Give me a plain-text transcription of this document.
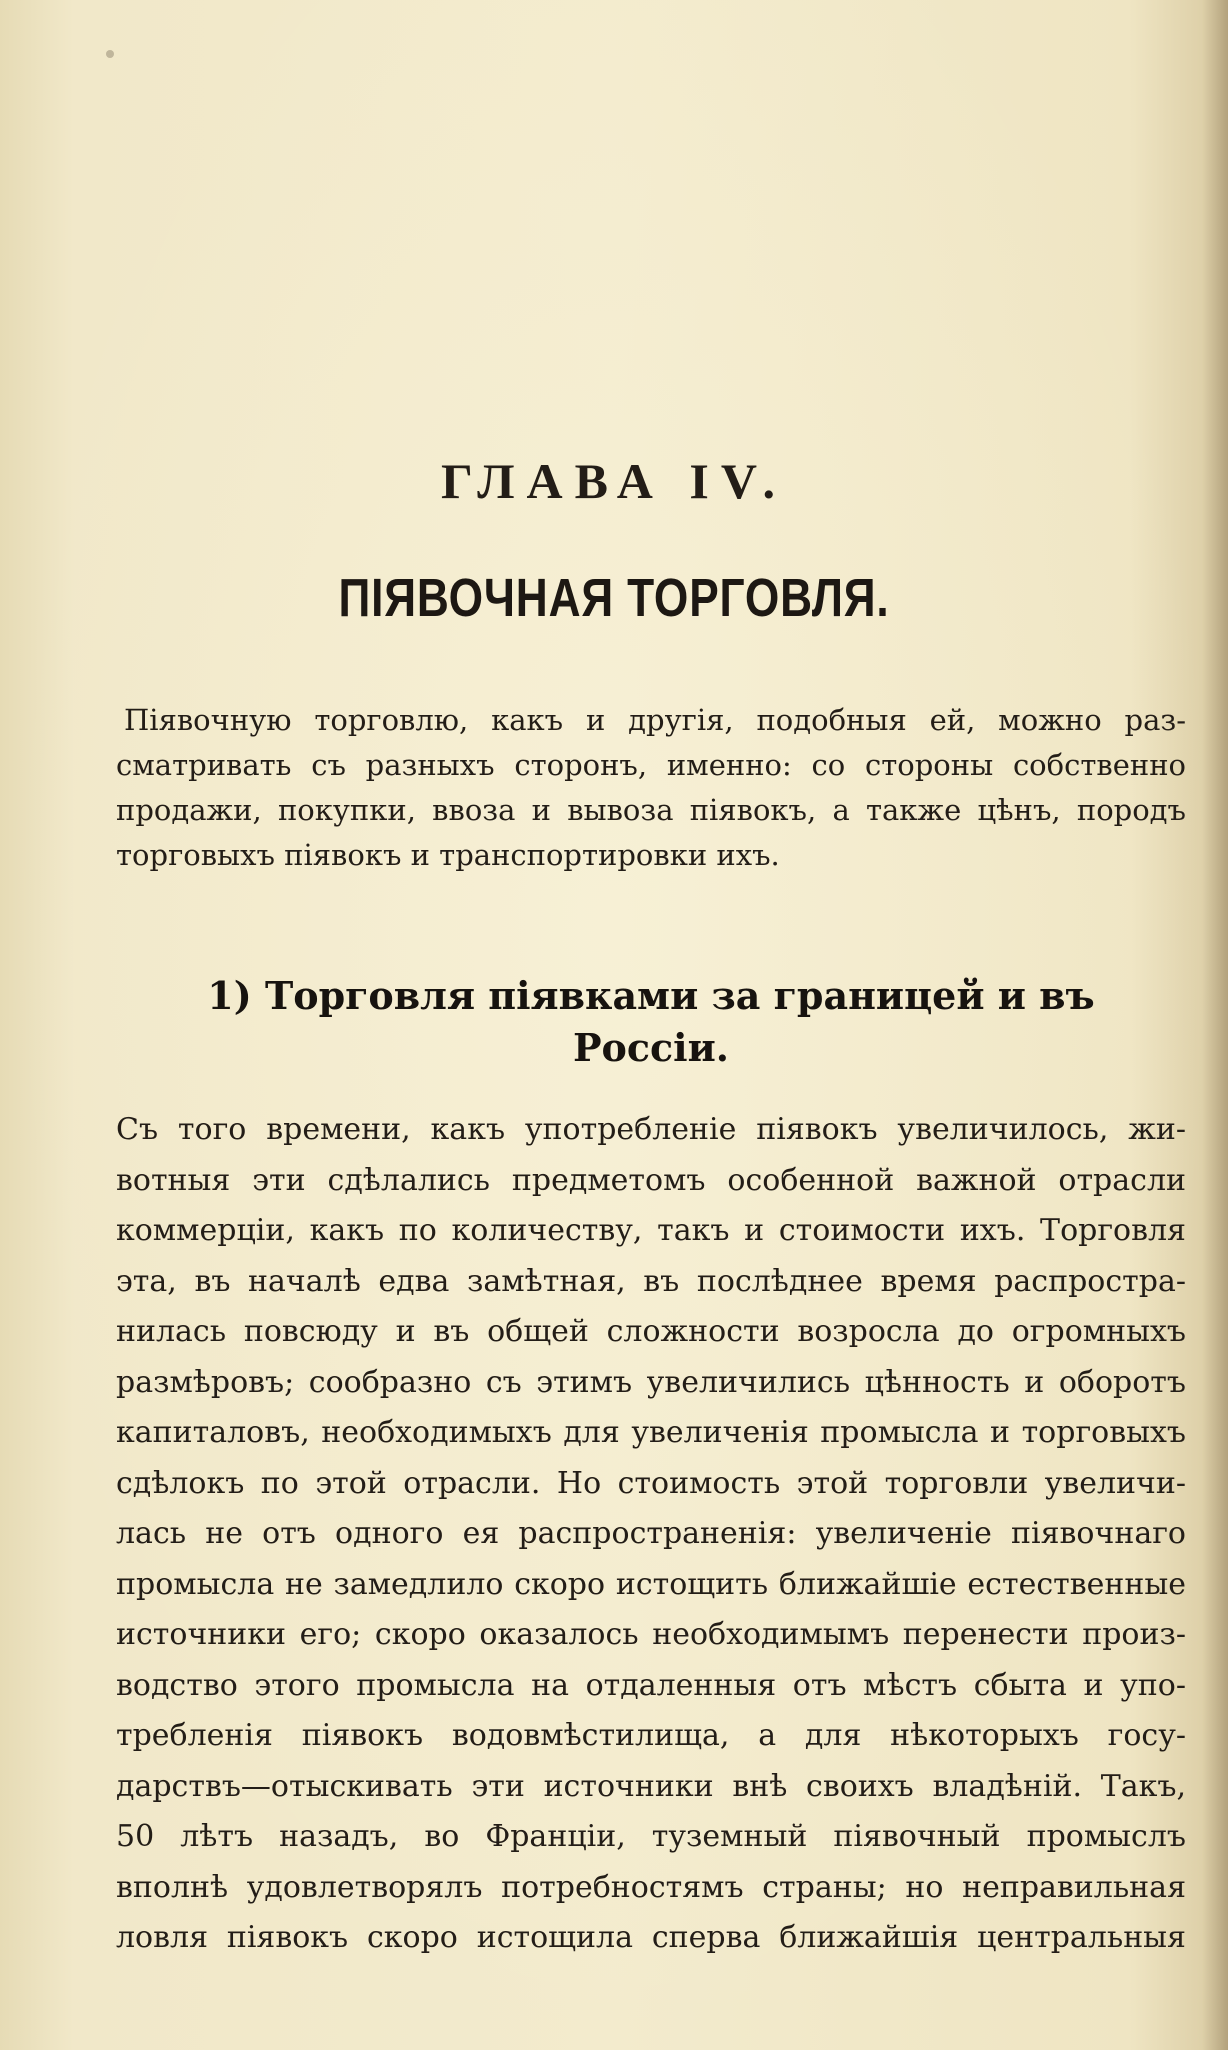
ГЛАВА IV.
ПІЯВОЧНАЯ ТОРГОВЛЯ.
Піявочную торговлю, какъ и другія, подобныя ей, можно раз-
сматривать съ разныхъ сторонъ, именно: со стороны собственно
продажи, покупки, ввоза и вывоза піявокъ, а также цѣнъ, породъ
торговыхъ піявокъ и транспортировки ихъ.
1) Торговля піявками за границей и въ
Россіи.
Съ того времени, какъ употребленіе піявокъ увеличилось, жи-
вотныя эти сдѣлались предметомъ особенной важной отрасли
коммерціи, какъ по количеству, такъ и стоимости ихъ. Торговля
эта, въ началѣ едва замѣтная, въ послѣднее время распростра-
нилась повсюду и въ общей сложности возросла до огромныхъ
размѣровъ; сообразно съ этимъ увеличились цѣнность и оборотъ
капиталовъ, необходимыхъ для увеличенія промысла и торговыхъ
сдѣлокъ по этой отрасли. Но стоимость этой торговли увеличи-
лась не отъ одного ея распространенія: увеличеніе піявочнаго
промысла не замедлило скоро истощить ближайшіе естественные
источники его; скоро оказалось необходимымъ перенести произ-
водство этого промысла на отдаленныя отъ мѣстъ сбыта и упо-
требленія піявокъ водовмѣстилища, а для нѣкоторыхъ госу-
дарствъ—отыскивать эти источники внѣ своихъ владѣній. Такъ,
50 лѣтъ назадъ, во Франціи, туземный піявочный промыслъ
вполнѣ удовлетворялъ потребностямъ страны; но неправильная
ловля піявокъ скоро истощила сперва ближайшія центральныя
